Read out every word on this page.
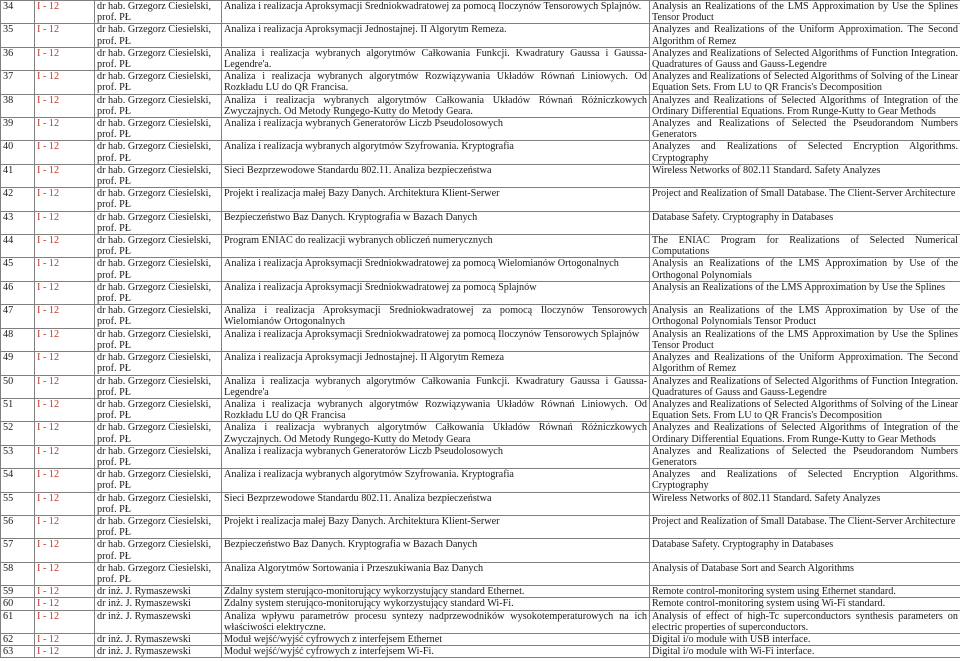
34	I - 12	dr hab. Grzegorz Ciesielski, prof. PŁ	Analiza i realizacja Aproksymacji Średniokwadratowej za pomocą Iloczynów Tensorowych Splajnów.	Analysis an Realizations of the LMS Approximation by Use the Splines Tensor Product
35	I - 12	dr hab. Grzegorz Ciesielski, prof. PŁ	Analiza i realizacja Aproksymacji Jednostajnej. II Algorytm Remeza.	Analyzes and Realizations of the Uniform Approximation. The Second Algorithm of Remez
36	I - 12	dr hab. Grzegorz Ciesielski, prof. PŁ	Analiza i realizacja wybranych algorytmów Całkowania Funkcji. Kwadratury Gaussa i Gaussa-Legendre'a.	Analyzes and Realizations of Selected Algorithms of Function Integration. Quadratures of Gauss and Gauss-Legendre
37	I - 12	dr hab. Grzegorz Ciesielski, prof. PŁ	Analiza i realizacja wybranych algorytmów Rozwiązywania Układów Równań Liniowych. Od Rozkładu LU do QR Francisa.	Analyzes and Realizations of Selected Algorithms of Solving of the Linear Equation Sets. From LU to QR Francis's Decomposition
38	I - 12	dr hab. Grzegorz Ciesielski, prof. PŁ	Analiza i realizacja wybranych algorytmów Całkowania Układów Równań Różniczkowych Zwyczajnych. Od Metody Rungego-Kutty do Metody Geara.	Analyzes and Realizations of Selected Algorithms of Integration of the Ordinary Differential Equations. From Runge-Kutty to Gear Methods
39	I - 12	dr hab. Grzegorz Ciesielski, prof. PŁ	Analiza i realizacja wybranych Generatorów Liczb Pseudolosowych	Analyzes and Realizations of Selected the Pseudorandom Numbers Generators
40	I - 12	dr hab. Grzegorz Ciesielski, prof. PŁ	Analiza i realizacja wybranych algorytmów Szyfrowania. Kryptografia	Analyzes and Realizations of Selected Encryption Algorithms. Cryptography
41	I - 12	dr hab. Grzegorz Ciesielski, prof. PŁ	Sieci Bezprzewodowe Standardu 802.11. Analiza bezpieczeństwa	Wireless Networks of 802.11 Standard. Safety Analyzes
42	I - 12	dr hab. Grzegorz Ciesielski, prof. PŁ	Projekt i realizacja małej Bazy Danych. Architektura Klient-Serwer	Project and Realization of Small Database. The Client-Server Architecture
43	I - 12	dr hab. Grzegorz Ciesielski, prof. PŁ	Bezpieczeństwo Baz Danych. Kryptografia w Bazach Danych	Database Safety. Cryptography in Databases
44	I - 12	dr hab. Grzegorz Ciesielski, prof. PŁ	Program ENIAC do realizacji wybranych obliczeń numerycznych	The ENIAC Program for Realizations of Selected Numerical Computations
45	I - 12	dr hab. Grzegorz Ciesielski, prof. PŁ	Analiza i realizacja Aproksymacji Średniokwadratowej za pomocą Wielomianów Ortogonalnych	Analysis an Realizations of the LMS Approximation by Use of the Orthogonal Polynomials
46	I - 12	dr hab. Grzegorz Ciesielski, prof. PŁ	Analiza i realizacja Aproksymacji Średniokwadratowej za pomocą Splajnów	Analysis an Realizations of the LMS Approximation by Use the Splines
47	I - 12	dr hab. Grzegorz Ciesielski, prof. PŁ	Analiza i realizacja Aproksymacji Średniokwadratowej za pomocą Iloczynów Tensorowych Wielomianów Ortogonalnych	Analysis an Realizations of the LMS Approximation by Use of the Orthogonal Polynomials Tensor Product
48	I - 12	dr hab. Grzegorz Ciesielski, prof. PŁ	Analiza i realizacja Aproksymacji Średniokwadratowej za pomocą Iloczynów Tensorowych Splajnów	Analysis an Realizations of the LMS Approximation by Use the Splines Tensor Product
49	I - 12	dr hab. Grzegorz Ciesielski, prof. PŁ	Analiza i realizacja Aproksymacji Jednostajnej. II Algorytm Remeza	Analyzes and Realizations of the Uniform Approximation. The Second Algorithm of Remez
50	I - 12	dr hab. Grzegorz Ciesielski, prof. PŁ	Analiza i realizacja wybranych algorytmów Całkowania Funkcji. Kwadratury Gaussa i Gaussa-Legendre'a	Analyzes and Realizations of Selected Algorithms of Function Integration. Quadratures of Gauss and Gauss-Legendre
51	I - 12	dr hab. Grzegorz Ciesielski, prof. PŁ	Analiza i realizacja wybranych algorytmów Rozwiązywania Układów Równań Liniowych. Od Rozkładu LU do QR Francisa	Analyzes and Realizations of Selected Algorithms of Solving of the Linear Equation Sets. From LU to QR Francis's Decomposition
52	I - 12	dr hab. Grzegorz Ciesielski, prof. PŁ	Analiza i realizacja wybranych algorytmów Całkowania Układów Równań Różniczkowych Zwyczajnych. Od Metody Rungego-Kutty do Metody Geara	Analyzes and Realizations of Selected Algorithms of Integration of the Ordinary Differential Equations. From Runge-Kutty to Gear Methods
53	I - 12	dr hab. Grzegorz Ciesielski, prof. PŁ	Analiza i realizacja wybranych Generatorów Liczb Pseudolosowych	Analyzes and Realizations of Selected the Pseudorandom Numbers Generators
54	I - 12	dr hab. Grzegorz Ciesielski, prof. PŁ	Analiza i realizacja wybranych algorytmów Szyfrowania. Kryptografia	Analyzes and Realizations of Selected Encryption Algorithms. Cryptography
55	I - 12	dr hab. Grzegorz Ciesielski, prof. PŁ	Sieci Bezprzewodowe Standardu 802.11. Analiza bezpieczeństwa	Wireless Networks of 802.11 Standard. Safety Analyzes
56	I - 12	dr hab. Grzegorz Ciesielski, prof. PŁ	Projekt i realizacja małej Bazy Danych. Architektura Klient-Serwer	Project and Realization of Small Database. The Client-Server Architecture
57	I - 12	dr hab. Grzegorz Ciesielski, prof. PŁ	Bezpieczeństwo Baz Danych. Kryptografia w Bazach Danych	Database Safety. Cryptography in Databases
58	I - 12	dr hab. Grzegorz Ciesielski, prof. PŁ	Analiza Algorytmów Sortowania i Przeszukiwania Baz Danych	Analysis of Database Sort and Search Algorithms
59	I - 12	dr inż. J. Rymaszewski	Zdalny system sterująco-monitorujący wykorzystujący standard Ethernet.	Remote control-monitoring system using Ethernet standard.
60	I - 12	dr inż. J. Rymaszewski	Zdalny system sterująco-monitorujący wykorzystujący standard Wi-Fi.	Remote control-monitoring system using Wi-Fi standard.
61	I - 12	dr inż. J. Rymaszewski	Analiza wpływu parametrów procesu syntezy nadprzewodników wysokotemperaturowych na ich właściwości elektryczne.	Analysis of effect of high-Tc superconductors synthesis parameters on electric properties of superconductors.
62	I - 12	dr inż. J. Rymaszewski	Moduł wejść/wyjść cyfrowych z interfejsem Ethernet	Digital i/o module with USB interface.
63	I - 12	dr inż. J. Rymaszewski	Moduł wejść/wyjść cyfrowych z interfejsem Wi-Fi.	Digital i/o module with Wi-Fi interface.
